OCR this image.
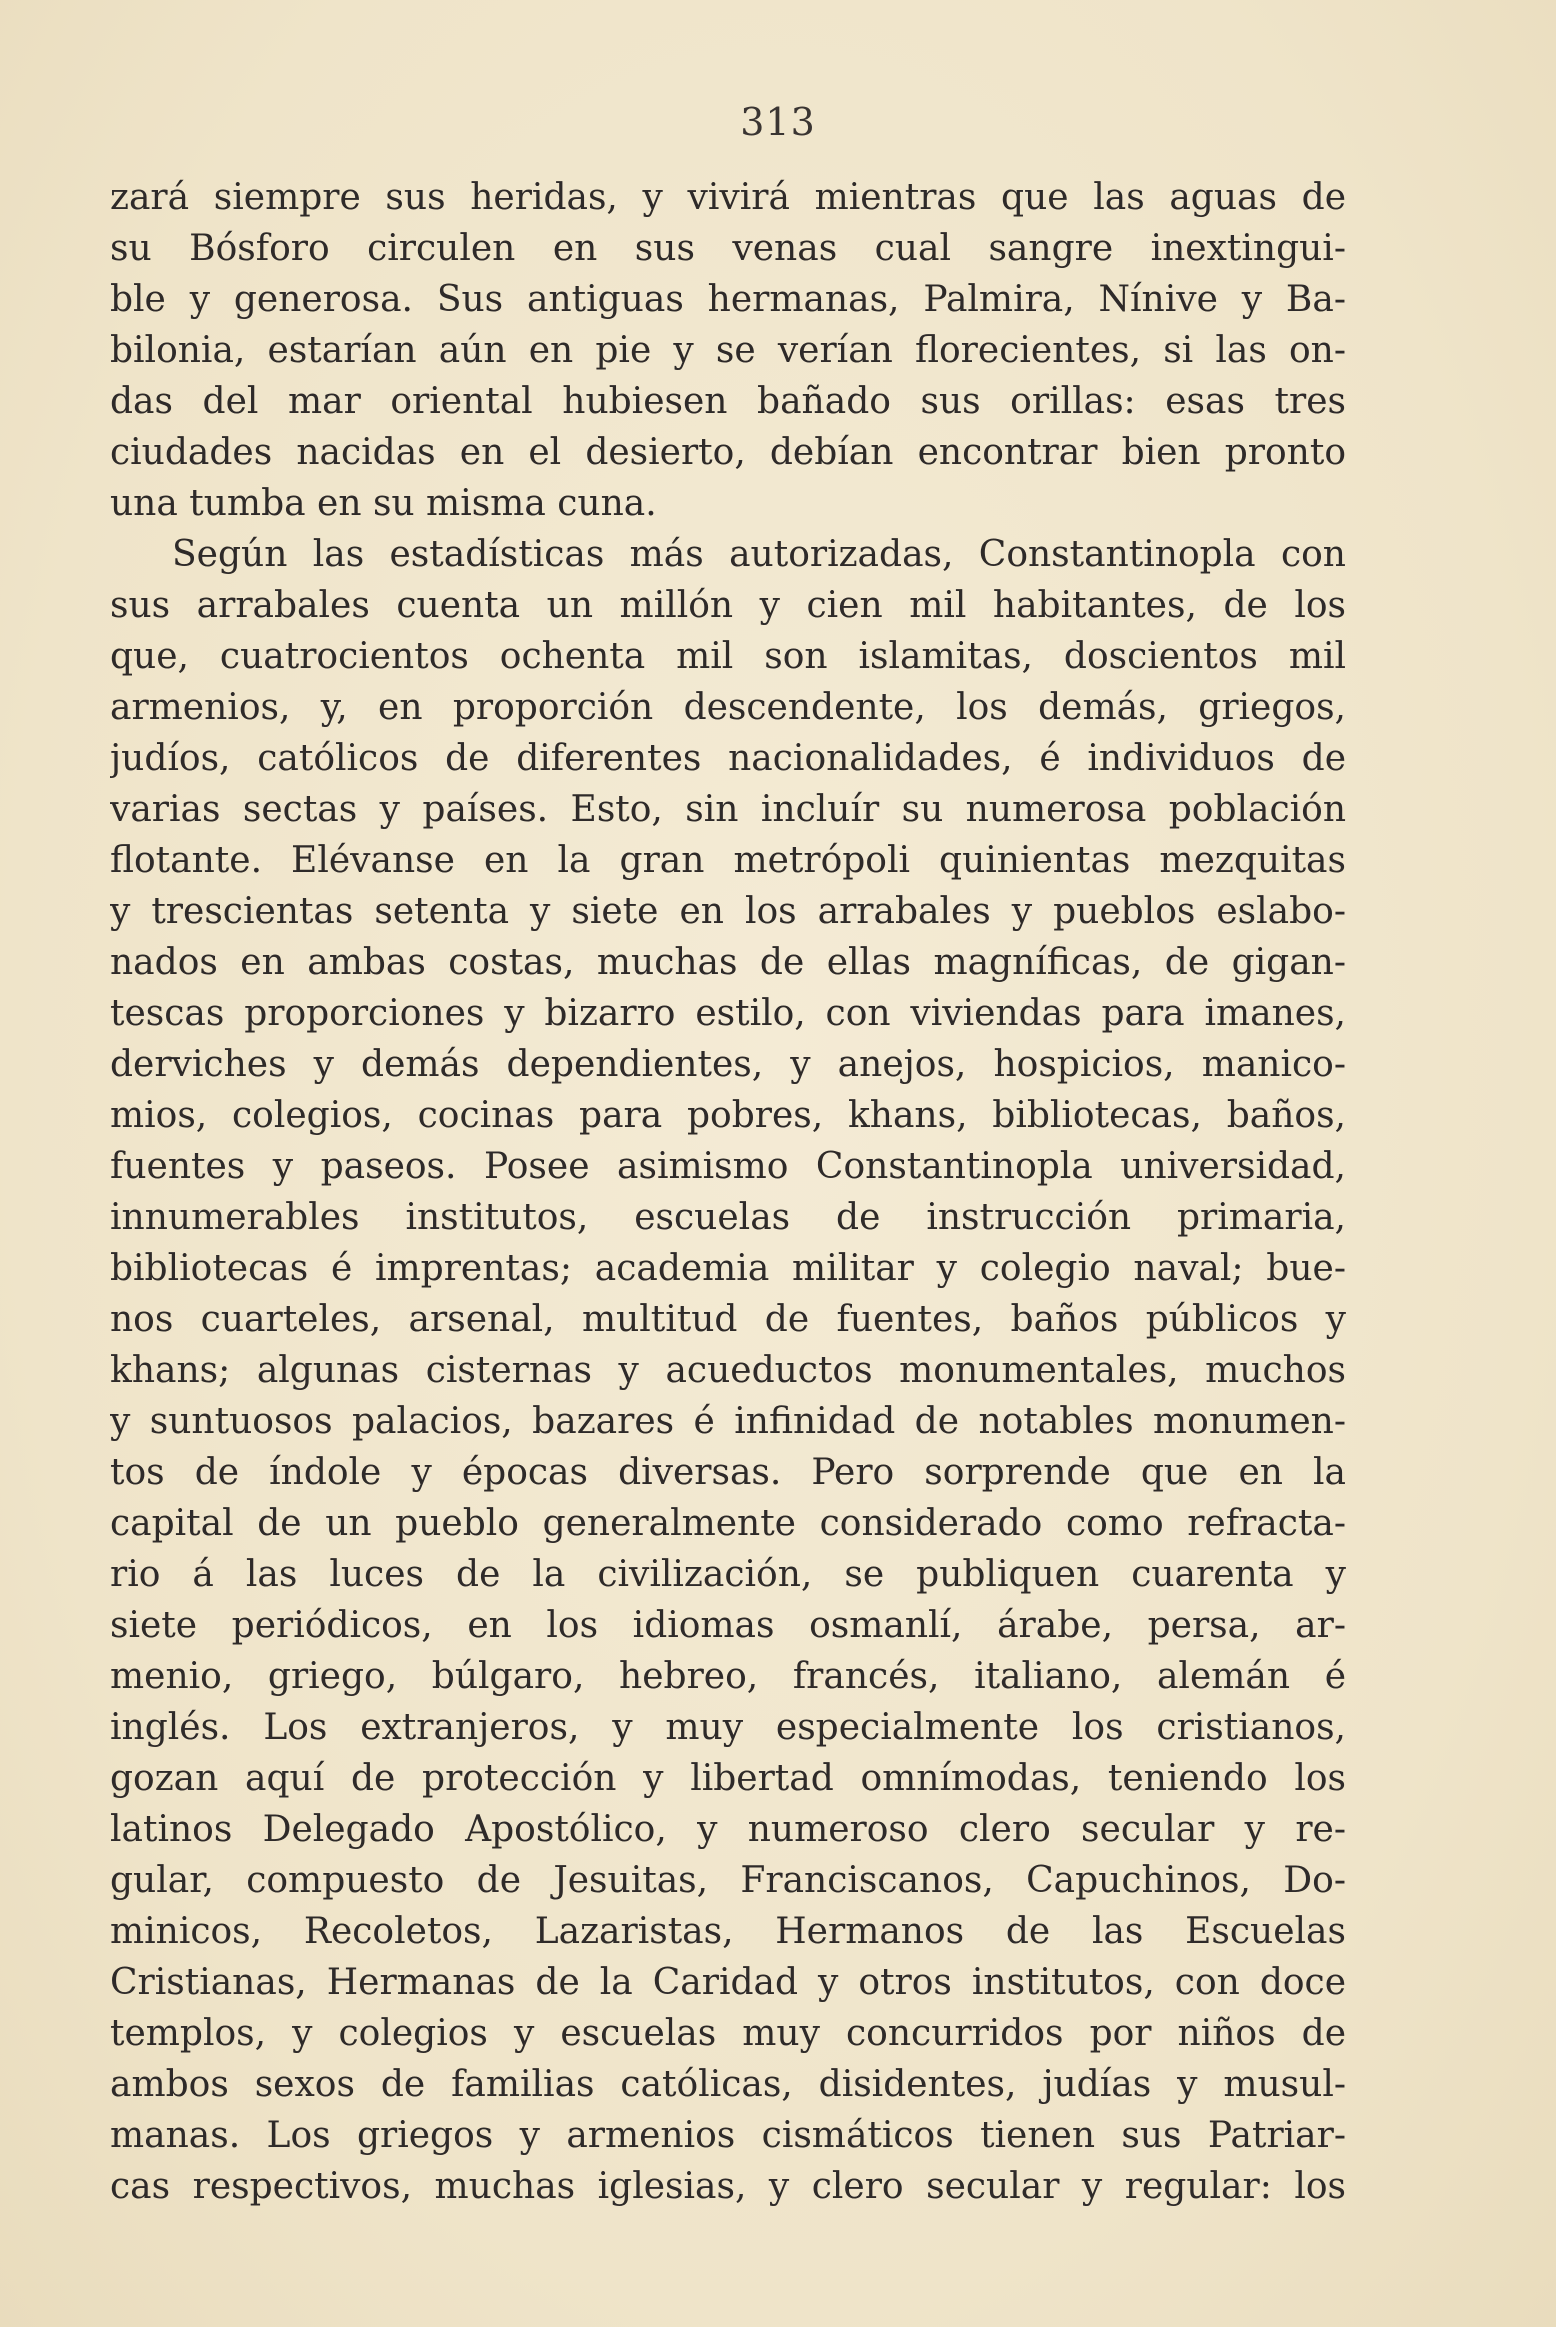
313
zará siempre sus heridas, y vivirá mientras que las aguas de
su Bósforo circulen en sus venas cual sangre inextingui-
ble y generosa. Sus antiguas hermanas, Palmira, Nínive y Ba-
bilonia, estarían aún en pie y se verían florecientes, si las on-
das del mar oriental hubiesen bañado sus orillas: esas tres
ciudades nacidas en el desierto, debían encontrar bien pronto
una tumba en su misma cuna.
Según las estadísticas más autorizadas, Constantinopla con
sus arrabales cuenta un millón y cien mil habitantes, de los
que, cuatrocientos ochenta mil son islamitas, doscientos mil
armenios, y, en proporción descendente, los demás, griegos,
judíos, católicos de diferentes nacionalidades, é individuos de
varias sectas y países. Esto, sin incluír su numerosa población
flotante. Elévanse en la gran metrópoli quinientas mezquitas
y trescientas setenta y siete en los arrabales y pueblos eslabo-
nados en ambas costas, muchas de ellas magníficas, de gigan-
tescas proporciones y bizarro estilo, con viviendas para imanes,
derviches y demás dependientes, y anejos, hospicios, manico-
mios, colegios, cocinas para pobres, khans, bibliotecas, baños,
fuentes y paseos. Posee asimismo Constantinopla universidad,
innumerables institutos, escuelas de instrucción primaria,
bibliotecas é imprentas; academia militar y colegio naval; bue-
nos cuarteles, arsenal, multitud de fuentes, baños públicos y
khans; algunas cisternas y acueductos monumentales, muchos
y suntuosos palacios, bazares é infinidad de notables monumen-
tos de índole y épocas diversas. Pero sorprende que en la
capital de un pueblo generalmente considerado como refracta-
rio á las luces de la civilización, se publiquen cuarenta y
siete periódicos, en los idiomas osmanlí, árabe, persa, ar-
menio, griego, búlgaro, hebreo, francés, italiano, alemán é
inglés. Los extranjeros, y muy especialmente los cristianos,
gozan aquí de protección y libertad omnímodas, teniendo los
latinos Delegado Apostólico, y numeroso clero secular y re-
gular, compuesto de Jesuitas, Franciscanos, Capuchinos, Do-
minicos, Recoletos, Lazaristas, Hermanos de las Escuelas
Cristianas, Hermanas de la Caridad y otros institutos, con doce
templos, y colegios y escuelas muy concurridos por niños de
ambos sexos de familias católicas, disidentes, judías y musul-
manas. Los griegos y armenios cismáticos tienen sus Patriar-
cas respectivos, muchas iglesias, y clero secular y regular: los
